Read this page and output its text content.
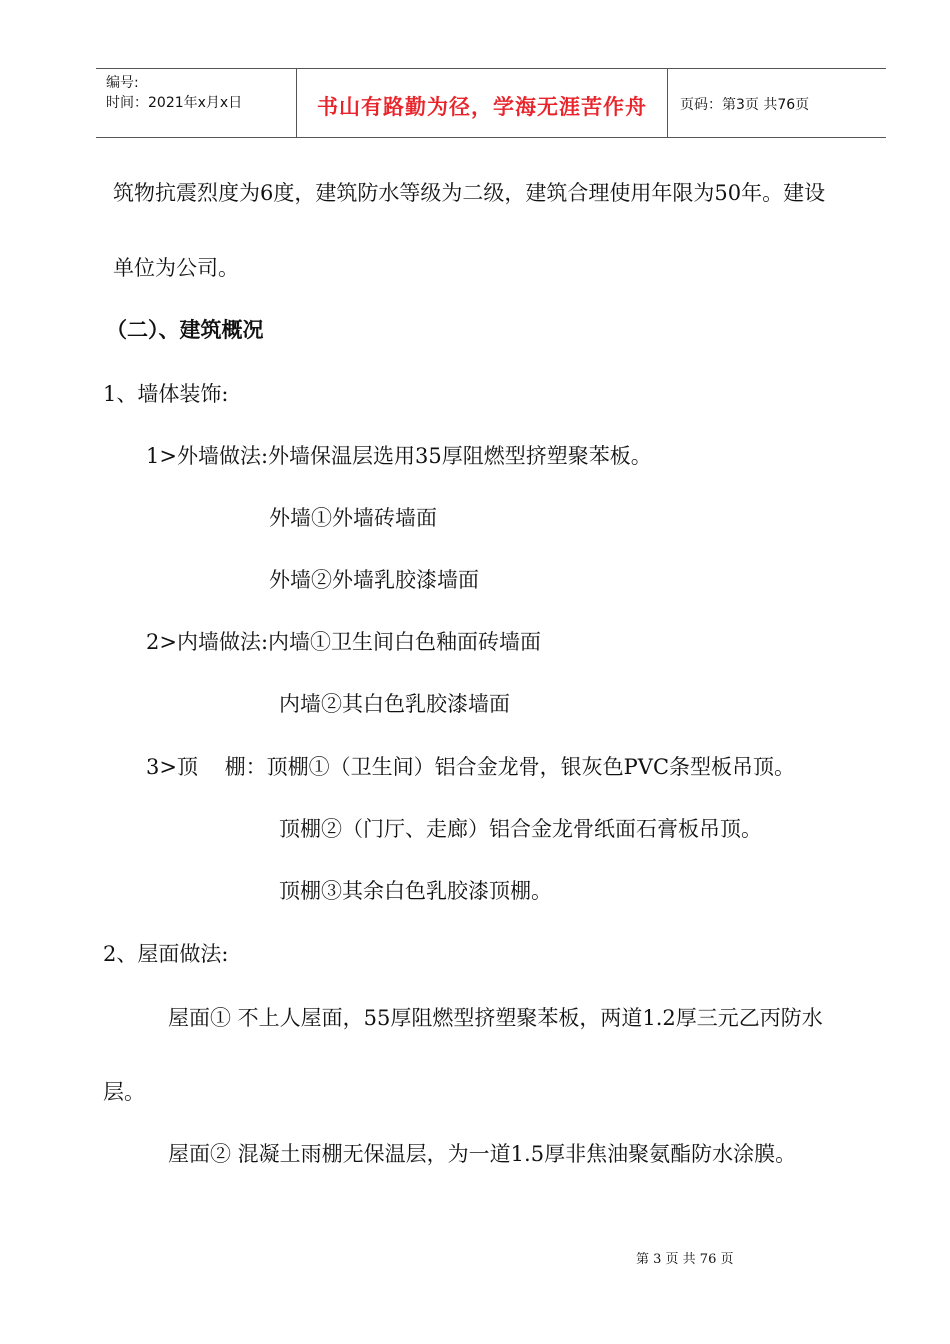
编号:
时间：2021年x月x日	书山有路勤为径，学海无涯苦作舟	页码：第3页 共76页
筑物抗震烈度为6度，建筑防水等级为二级，建筑合理使用年限为50年。建设
单位为公司。
（二）、建筑概况
1、墙体装饰:
1>外墙做法:外墙保温层选用35厚阻燃型挤塑聚苯板。
外墙①外墙砖墙面
外墙②外墙乳胶漆墙面
2>内墙做法:内墙①卫生间白色釉面砖墙面
内墙②其白色乳胶漆墙面
3>顶    棚：顶棚①（卫生间）铝合金龙骨，银灰色PVC条型板吊顶。
顶棚②（门厅、走廊）铝合金龙骨纸面石膏板吊顶。
顶棚③其余白色乳胶漆顶棚。
2、屋面做法:
屋面① 不上人屋面，55厚阻燃型挤塑聚苯板，两道1.2厚三元乙丙防水
层。
屋面② 混凝土雨棚无保温层，为一道1.5厚非焦油聚氨酯防水涂膜。
第 3 页 共 76 页
